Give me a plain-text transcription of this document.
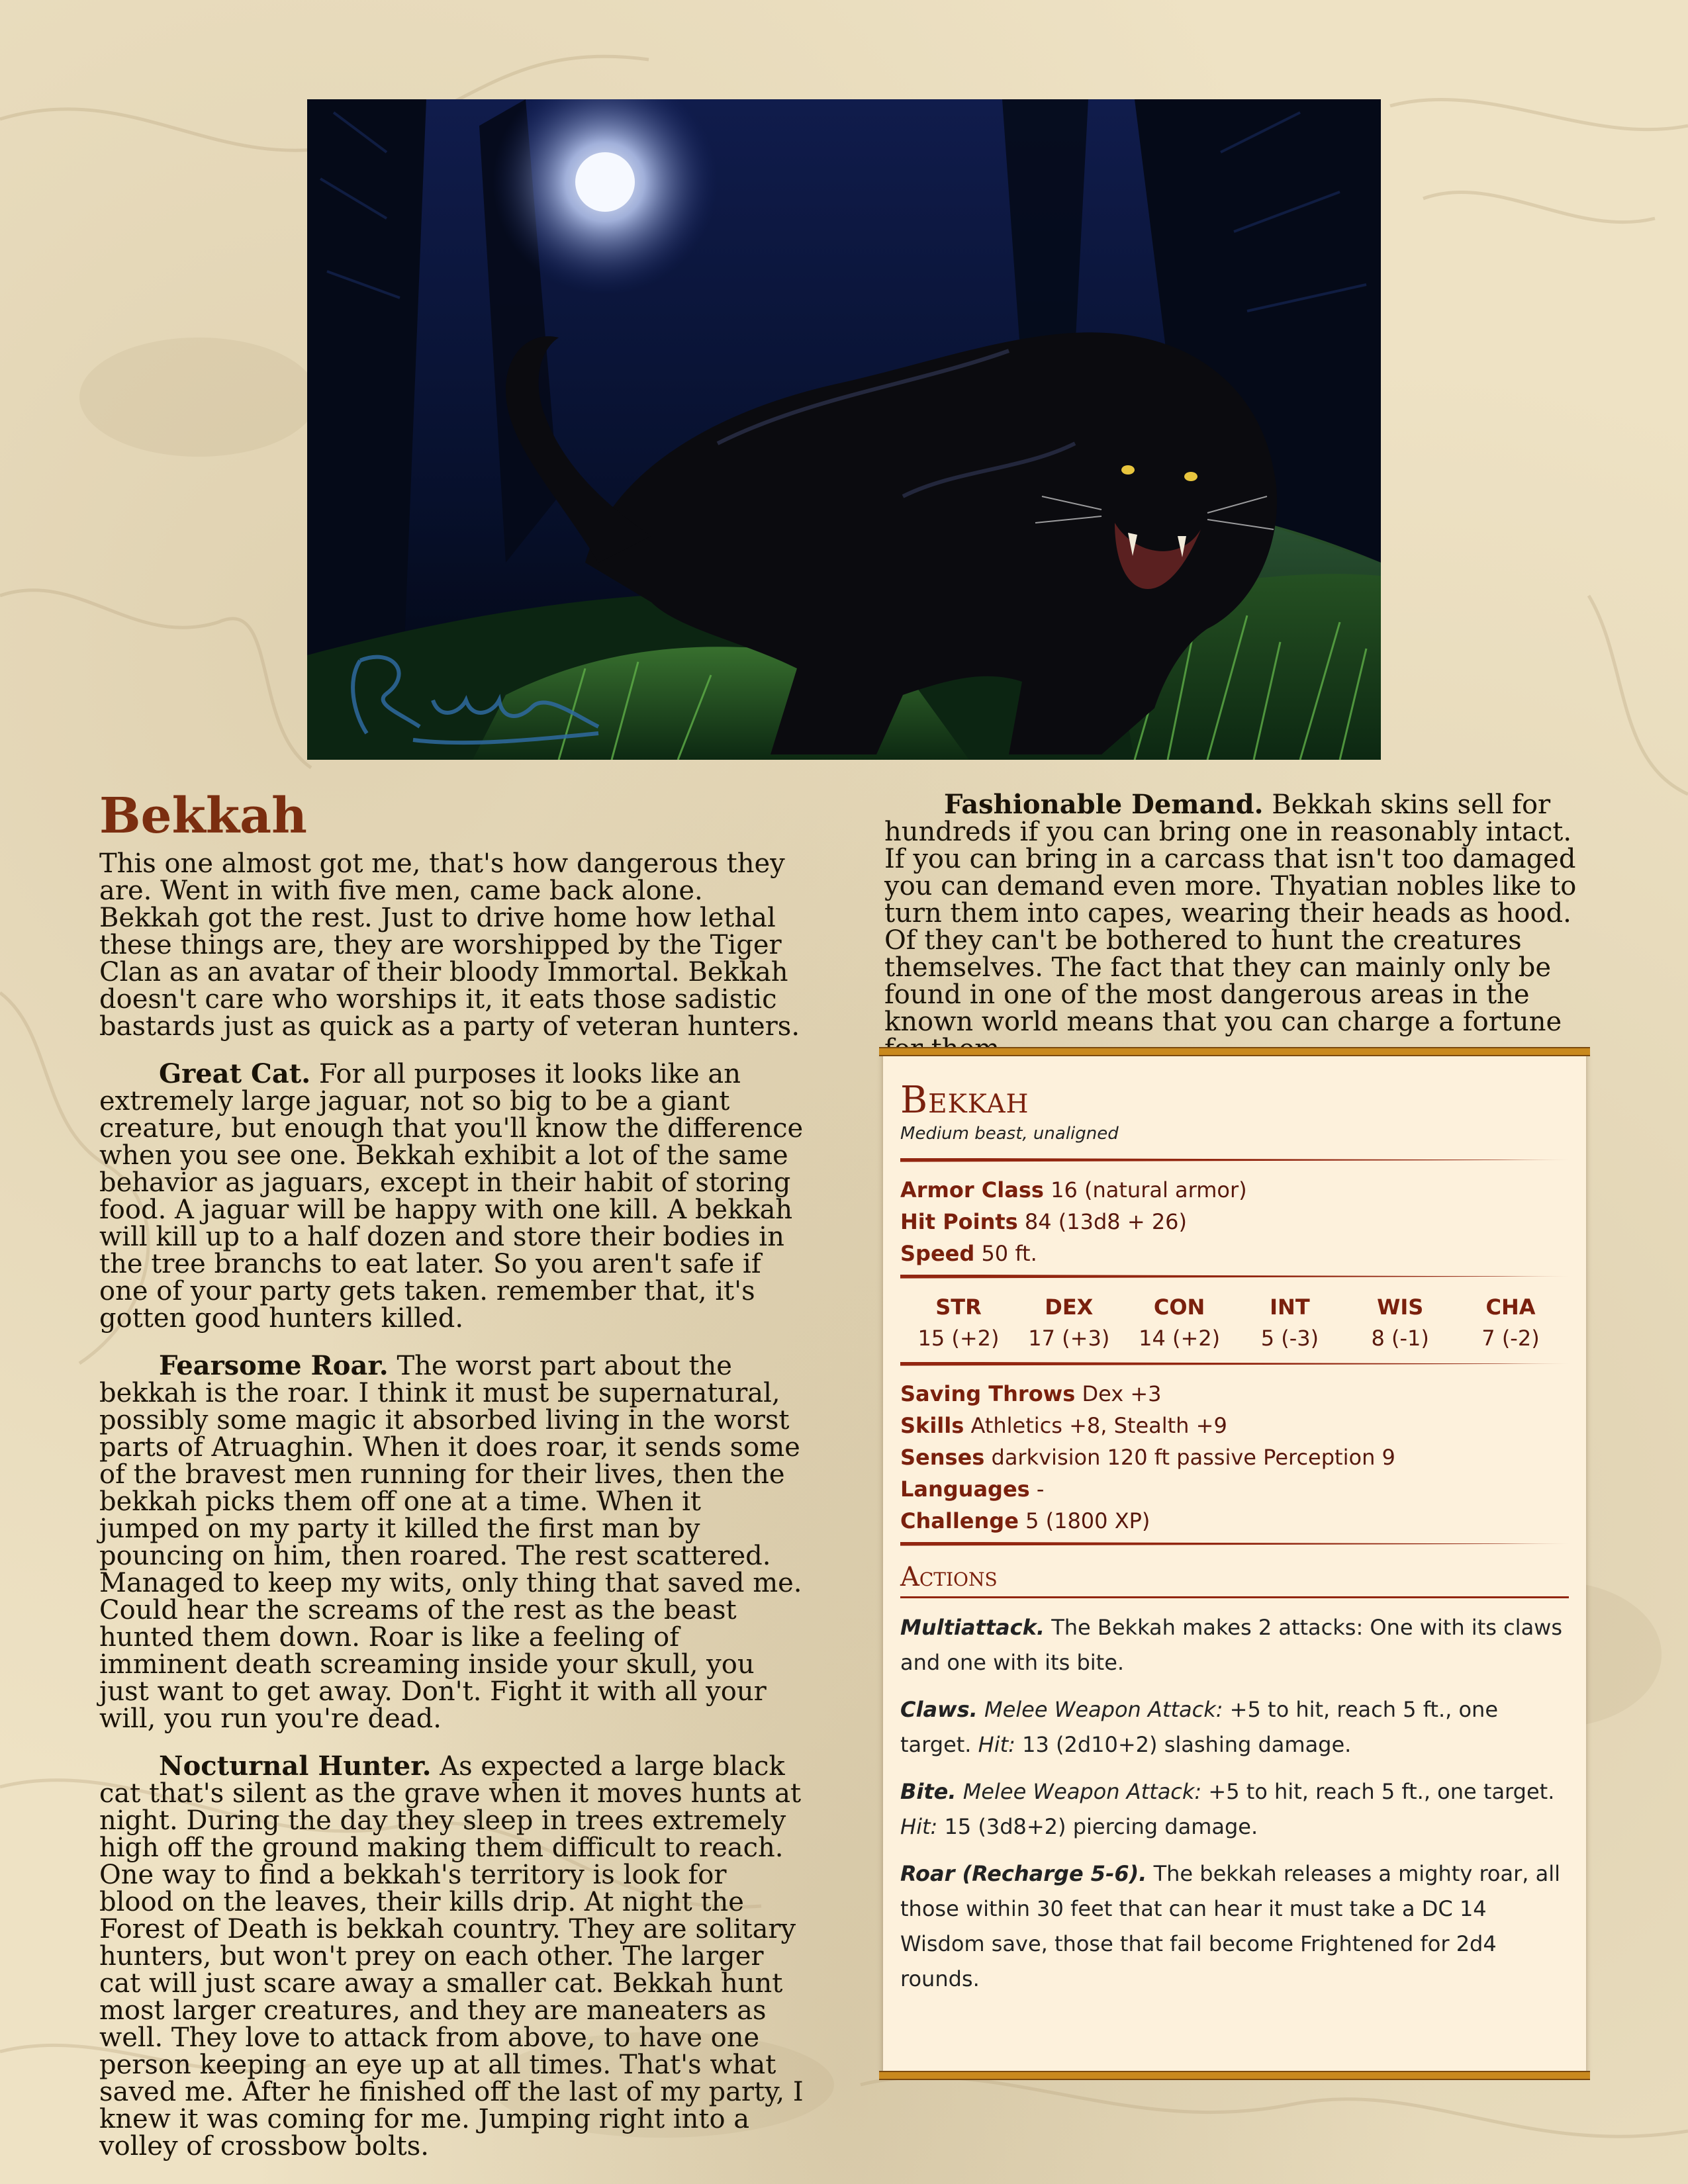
Bekkah

This one almost got me, that's how dangerous they are. Went in with five men, came back alone. Bekkah got the rest. Just to drive home how lethal these things are, they are worshipped by the Tiger Clan as an avatar of their bloody Immortal. Bekkah doesn't care who worships it, it eats those sadistic bastards just as quick as a party of veteran hunters.

Great Cat. For all purposes it looks like an extremely large jaguar, not so big to be a giant creature, but enough that you'll know the difference when you see one. Bekkah exhibit a lot of the same behavior as jaguars, except in their habit of storing food. A jaguar will be happy with one kill. A bekkah will kill up to a half dozen and store their bodies in the tree branchs to eat later. So you aren't safe if one of your party gets taken. remember that, it's gotten good hunters killed.

Fearsome Roar. The worst part about the bekkah is the roar. I think it must be supernatural, possibly some magic it absorbed living in the worst parts of Atruaghin. When it does roar, it sends some of the bravest men running for their lives, then the bekkah picks them off one at a time. When it jumped on my party it killed the first man by pouncing on him, then roared. The rest scattered. Managed to keep my wits, only thing that saved me. Could hear the screams of the rest as the beast hunted them down. Roar is like a feeling of imminent death screaming inside your skull, you just want to get away. Don't. Fight it with all your will, you run you're dead.

Nocturnal Hunter. As expected a large black cat that's silent as the grave when it moves hunts at night. During the day they sleep in trees extremely high off the ground making them difficult to reach. One way to find a bekkah's territory is look for blood on the leaves, their kills drip. At night the Forest of Death is bekkah country. They are solitary hunters, but won't prey on each other. The larger cat will just scare away a smaller cat. Bekkah hunt most larger creatures, and they are maneaters as well. They love to attack from above, to have one person keeping an eye up at all times. That's what saved me. After he finished off the last of my party, I knew it was coming for me. Jumping right into a volley of crossbow bolts.

Fashionable Demand. Bekkah skins sell for hundreds if you can bring one in reasonably intact. If you can bring in a carcass that isn't too damaged you can demand even more. Thyatian nobles like to turn them into capes, wearing their heads as hood. Of they can't be bothered to hunt the creatures themselves. The fact that they can mainly only be found in one of the most dangerous areas in the known world means that you can charge a fortune

Bekkah
Medium beast, unaligned
Armor Class 16 (natural armor)
Hit Points 84 (13d8 + 26)
Speed 50 ft.
STR
15 (+2)
DEX
17 (+3)
CON
14 (+2)
INT
5 (-3)
WIS
8 (-1)
CHA
7 (-2)
Saving Throws Dex +3
Skills Athletics +8, Stealth +9
Senses darkvision 120 ft passive Perception 9
Languages -
Challenge 5 (1800 XP)
Actions

Multiattack. The Bekkah makes 2 attacks: One with its claws and one with its bite.

Claws. Melee Weapon Attack: +5 to hit, reach 5 ft., one target. Hit: 13 (2d10+2) slashing damage.

Bite. Melee Weapon Attack: +5 to hit, reach 5 ft., one target. Hit: 15 (3d8+2) piercing damage.

Roar (Recharge 5-6). The bekkah releases a mighty roar, all those within 30 feet that can hear it must take a DC 14 Wisdom save, those that fail become Frightened for 2d4 rounds.
